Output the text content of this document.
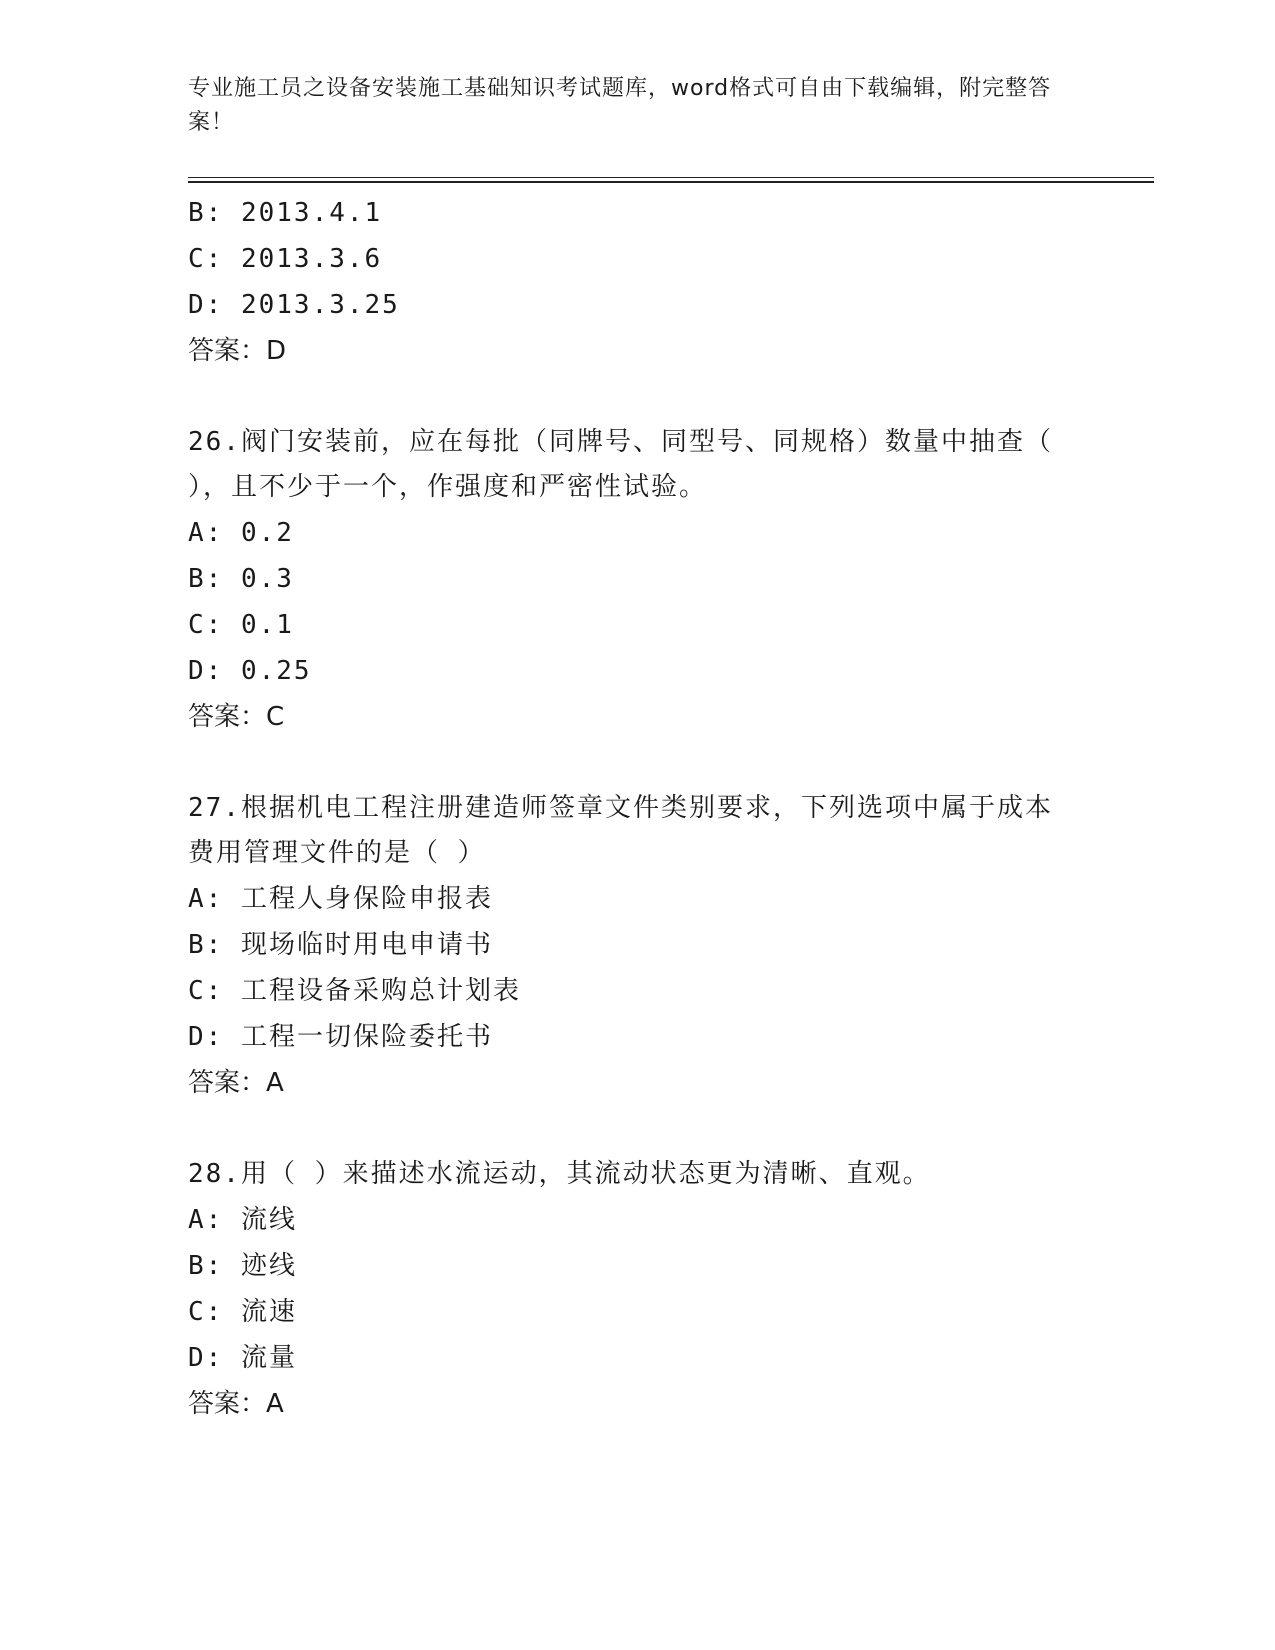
专业施工员之设备安装施工基础知识考试题库，word格式可自由下载编辑，附完整答案！
B: 2013.4.1
C: 2013.3.6
D: 2013.3.25
答案：D
26.阀门安装前，应在每批（同牌号、同型号、同规格）数量中抽查（
），且不少于一个，作强度和严密性试验。
A: 0.2
B: 0.3
C: 0.1
D: 0.25
答案：C
27.根据机电工程注册建造师签章文件类别要求，下列选项中属于成本
费用管理文件的是（ ）
A: 工程人身保险申报表
B: 现场临时用电申请书
C: 工程设备采购总计划表
D: 工程一切保险委托书
答案：A
28.用（ ）来描述水流运动，其流动状态更为清晰、直观。
A: 流线
B: 迹线
C: 流速
D: 流量
答案：A
